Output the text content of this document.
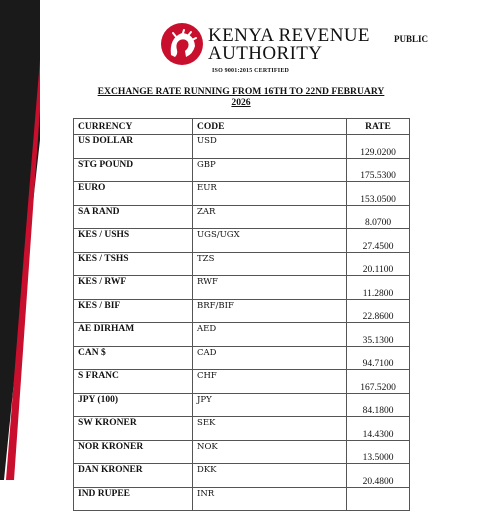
KENYA REVENUE
AUTHORITY
ISO 9001:2015 CERTIFIED
PUBLIC
EXCHANGE RATE RUNNING FROM 16TH TO 22ND FEBRUARY
2026
CURRENCY	CODE	RATE
US DOLLAR	USD	129.0200
STG POUND	GBP	175.5300
EURO	EUR	153.0500
SA RAND	ZAR	8.0700
KES / USHS	UGS/UGX	27.4500
KES / TSHS	TZS	20.1100
KES / RWF	RWF	11.2800
KES / BIF	BRF/BIF	22.8600
AE DIRHAM	AED	35.1300
CAN $	CAD	94.7100
S FRANC	CHF	167.5200
JPY (100)	JPY	84.1800
SW KRONER	SEK	14.4300
NOR KRONER	NOK	13.5000
DAN KRONER	DKK	20.4800
IND RUPEE	INR	
